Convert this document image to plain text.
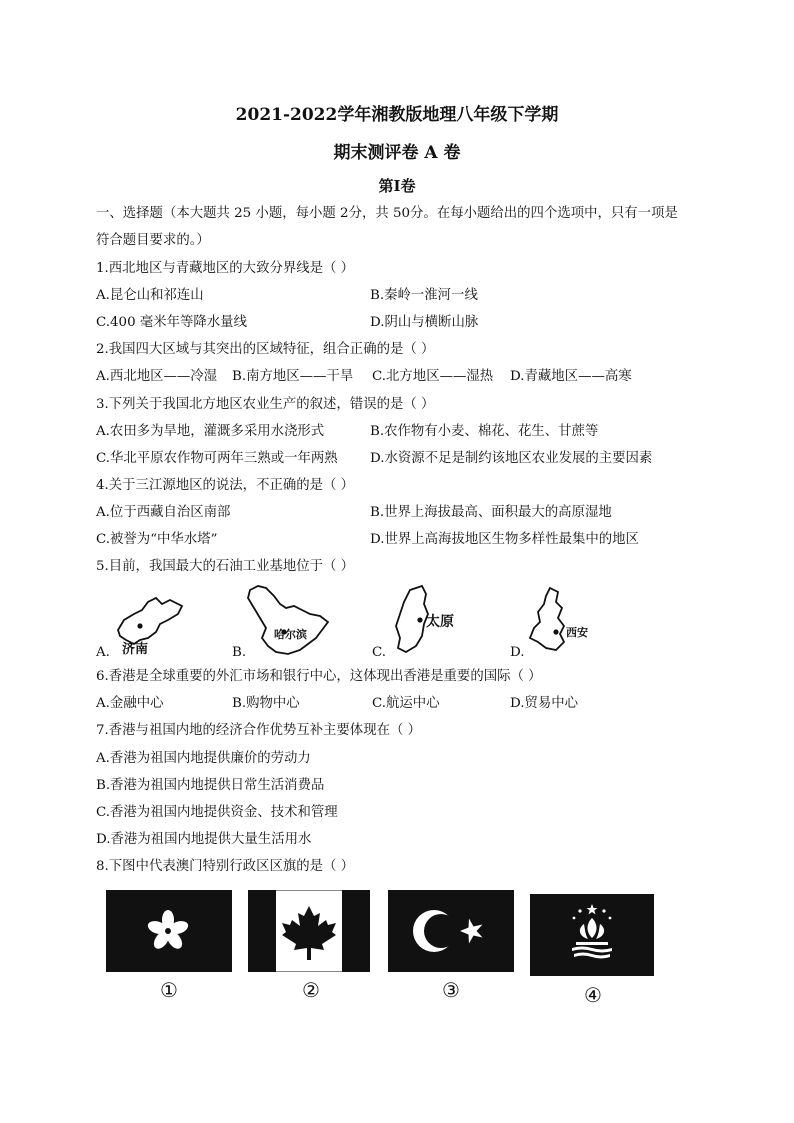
2021-2022学年湘教版地理八年级下学期
期末测评卷 A 卷
第I卷
一、选择题（本大题共 25 小题，每小题 2分，共 50分。在每小题给出的四个选项中，只有一项是
符合题目要求的。）
1.西北地区与青藏地区的大致分界线是（ ）
A.昆仑山和祁连山	B.秦岭一淮河一线
C.400 毫米年等降水量线	D.阴山与横断山脉
2.我国四大区域与其突出的区域特征，组合正确的是（ ）
A.西北地区——冷湿 B.南方地区——干旱 C.北方地区——湿热 D.青藏地区——高寒
3.下列关于我国北方地区农业生产的叙述，错误的是（ ）
A.农田多为旱地，灌溉多采用水浇形式	B.农作物有小麦、棉花、花生、甘蔗等
C.华北平原农作物可两年三熟或一年两熟 D.水资源不足是制约该地区农业发展的主要因素
4.关于三江源地区的说法，不正确的是（ ）
A.位于西藏自治区南部	B.世界上海拔最高、面积最大的高原湿地
C.被誉为“中华水塔”	D.世界上高海拔地区生物多样性最集中的地区
5.目前，我国最大的石油工业基地位于（ ）
A. 济南	B.
哈尔滨
C.
太原
D.
西安
6.香港是全球重要的外汇市场和银行中心，这体现出香港是重要的国际（ ）
A.金融中心	B.购物中心	C.航运中心	D.贸易中心
7.香港与祖国内地的经济合作优势互补主要体现在（ ）
A.香港为祖国内地提供廉价的劳动力
B.香港为祖国内地提供日常生活消费品
C.香港为祖国内地提供资金、技术和管理
D.香港为祖国内地提供大量生活用水
8.下图中代表澳门特别行政区区旗的是（ ）
①	②	③	④
